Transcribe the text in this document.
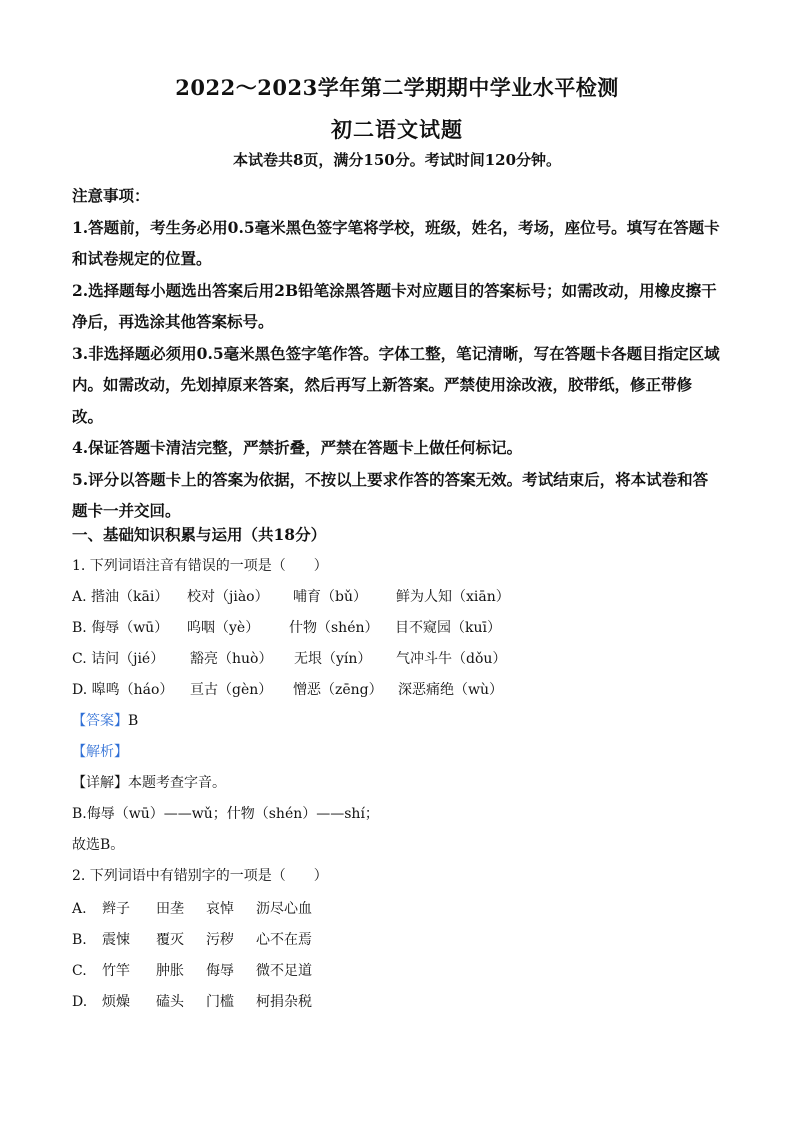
2022～2023学年第二学期期中学业水平检测
初二语文试题
本试卷共8页，满分150分。考试时间120分钟。

注意事项：

1.答题前，考生务必用0.5毫米黑色签字笔将学校，班级，姓名，考场，座位号。填写在答题卡和试卷规定的位置。

2.选择题每小题选出答案后用2B铅笔涂黑答题卡对应题目的答案标号；如需改动，用橡皮擦干净后，再选涂其他答案标号。

3.非选择题必须用0.5毫米黑色签字笔作答。字体工整，笔记清晰，写在答题卡各题目指定区域内。如需改动，先划掉原来答案，然后再写上新答案。严禁使用涂改液，胶带纸，修正带修改。

4.保证答题卡清洁完整，严禁折叠，严禁在答题卡上做任何标记。

5.评分以答题卡上的答案为依据，不按以上要求作答的答案无效。考试结束后，将本试卷和答题卡一并交回。

一、基础知识积累与运用（共18分）
1. 下列词语注音有错误的一项是（　　）
A. 揩油（kāi） 校对（jiào） 哺育（bǔ） 鲜为人知（xiān）
B. 侮辱（wū） 呜咽（yè） 什物（shén） 目不窥园（kuī）
C. 诘问（jié） 豁亮（huò） 无垠（yín） 气冲斗牛（dǒu）
D. 嗥鸣（háo） 亘古（gèn） 憎恶（zēng） 深恶痛绝（wù）
【答案】B
【解析】
【详解】本题考查字音。
B.侮辱（wū）——wǔ；什物（shén）——shí；
故选B。
2. 下列词语中有错别字的一项是（　　）
A. 辫子 田垄 哀悼 沥尽心血
B. 震悚 覆灭 污秽 心不在焉
C. 竹竿 肿胀 侮辱 微不足道
D. 烦燥 磕头 门槛 柯捐杂税
